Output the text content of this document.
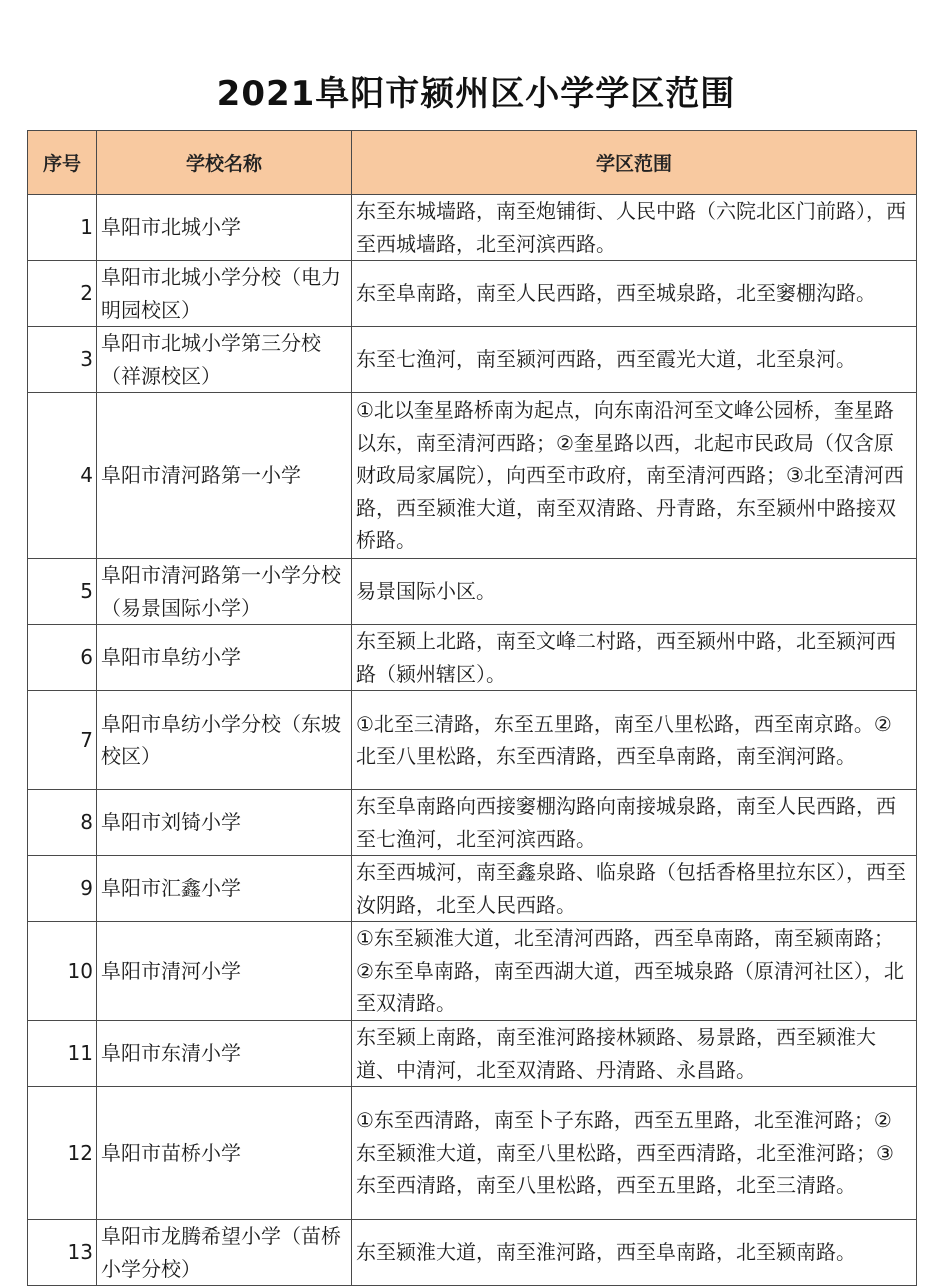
2021阜阳市颍州区小学学区范围
序号	学校名称	学区范围
1	阜阳市北城小学	东至东城墙路，南至炮铺街、人民中路（六院北区门前路），西至西城墙路，北至河滨西路。
2	阜阳市北城小学分校（电力明园校区）	东至阜南路，南至人民西路，西至城泉路，北至窭棚沟路。
3	阜阳市北城小学第三分校（祥源校区）	东至七渔河，南至颍河西路，西至霞光大道，北至泉河。
4	阜阳市清河路第一小学	①北以奎星路桥南为起点，向东南沿河至文峰公园桥，奎星路以东，南至清河西路；②奎星路以西，北起市民政局（仅含原财政局家属院），向西至市政府，南至清河西路；③北至清河西路，西至颍淮大道，南至双清路、丹青路，东至颍州中路接双桥路。
5	阜阳市清河路第一小学分校（易景国际小学）	易景国际小区。
6	阜阳市阜纺小学	东至颍上北路，南至文峰二村路，西至颍州中路，北至颍河西路（颍州辖区）。
7	阜阳市阜纺小学分校（东坡校区）	①北至三清路，东至五里路，南至八里松路，西至南京路。②北至八里松路，东至西清路，西至阜南路，南至润河路。
8	阜阳市刘锜小学	东至阜南路向西接窭棚沟路向南接城泉路，南至人民西路，西至七渔河，北至河滨西路。
9	阜阳市汇鑫小学	东至西城河，南至鑫泉路、临泉路（包括香格里拉东区），西至汝阴路，北至人民西路。
10	阜阳市清河小学	①东至颍淮大道，北至清河西路，西至阜南路，南至颍南路；②东至阜南路，南至西湖大道，西至城泉路（原清河社区），北至双清路。
11	阜阳市东清小学	东至颍上南路，南至淮河路接林颍路、易景路，西至颍淮大道、中清河，北至双清路、丹清路、永昌路。
12	阜阳市苗桥小学	①东至西清路，南至卜子东路，西至五里路，北至淮河路；②东至颍淮大道，南至八里松路，西至西清路，北至淮河路；③东至西清路，南至八里松路，西至五里路，北至三清路。
13	阜阳市龙腾希望小学（苗桥小学分校）	东至颍淮大道，南至淮河路，西至阜南路，北至颍南路。
